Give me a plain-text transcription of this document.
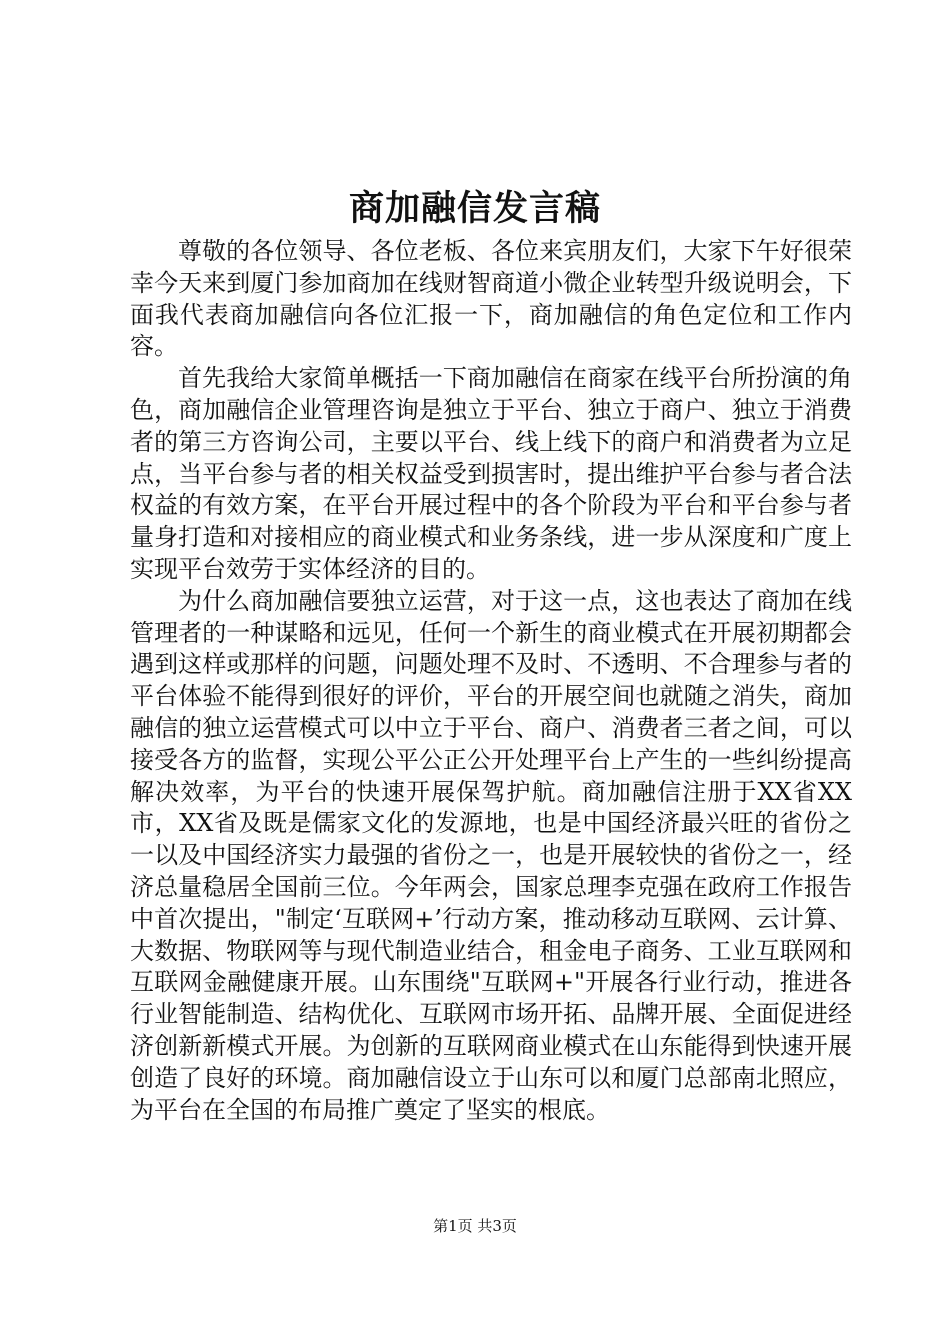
商加融信发言稿

尊敬的各位领导、各位老板、各位来宾朋友们，大家下午好很荣幸今天来到厦门参加商加在线财智商道小微企业转型升级说明会，下面我代表商加融信向各位汇报一下，商加融信的角色定位和工作内容。

首先我给大家简单概括一下商加融信在商家在线平台所扮演的角色，商加融信企业管理咨询是独立于平台、独立于商户、独立于消费者的第三方咨询公司，主要以平台、线上线下的商户和消费者为立足点，当平台参与者的相关权益受到损害时，提出维护平台参与者合法权益的有效方案，在平台开展过程中的各个阶段为平台和平台参与者量身打造和对接相应的商业模式和业务条线，进一步从深度和广度上实现平台效劳于实体经济的目的。

为什么商加融信要独立运营，对于这一点，这也表达了商加在线管理者的一种谋略和远见，任何一个新生的商业模式在开展初期都会遇到这样或那样的问题，问题处理不及时、不透明、不合理参与者的平台体验不能得到很好的评价，平台的开展空间也就随之消失，商加融信的独立运营模式可以中立于平台、商户、消费者三者之间，可以接受各方的监督，实现公平公正公开处理平台上产生的一些纠纷提高解决效率，为平台的快速开展保驾护航。商加融信注册于XX省XX市，XX省及既是儒家文化的发源地，也是中国经济最兴旺的省份之一以及中国经济实力最强的省份之一，也是开展较快的省份之一，经济总量稳居全国前三位。今年两会，国家总理李克强在政府工作报告中首次提出，"制定‘互联网+’行动方案，推动移动互联网、云计算、大数据、物联网等与现代制造业结合，租金电子商务、工业互联网和互联网金融健康开展。山东围绕"互联网+"开展各行业行动，推进各行业智能制造、结构优化、互联网市场开拓、品牌开展、全面促进经济创新新模式开展。为创新的互联网商业模式在山东能得到快速开展创造了良好的环境。商加融信设立于山东可以和厦门总部南北照应，为平台在全国的布局推广奠定了坚实的根底。

第1页 共3页
